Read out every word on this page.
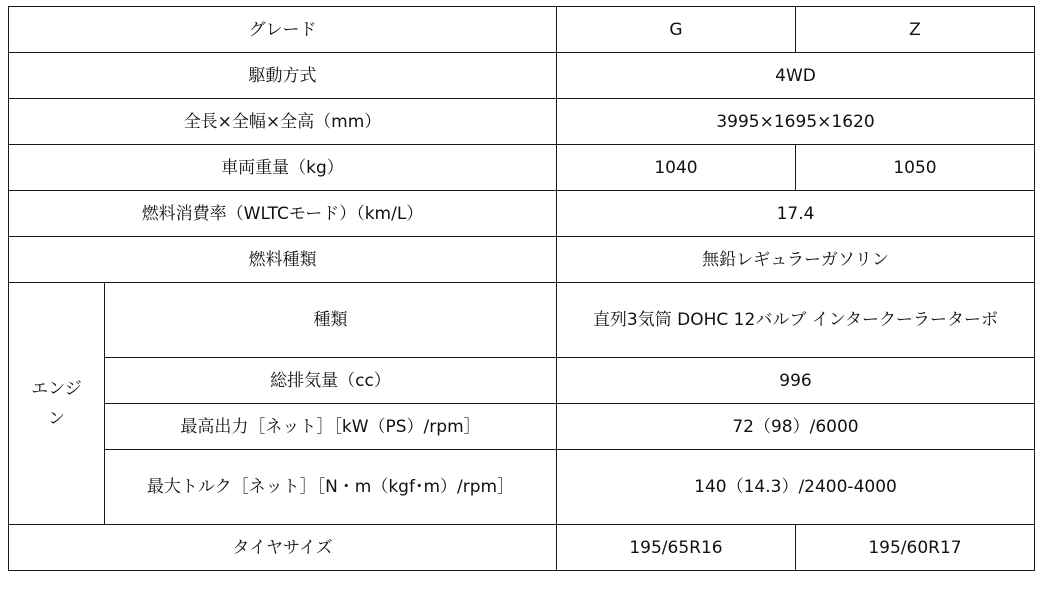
グレード		G	Z
駆動方式		4WD	
全長×全幅×全高（mm）		3995×1695×1620	
車両重量（kg）		1040	1050
燃料消費率（WLTCモード）（km/L）		17.4	
燃料種類		無鉛レギュラーガソリン	
エンジン	種類	直列3気筒 DOHC 12バルブ インタークーラーターボ	
	総排気量（cc）	996	
	最高出力［ネット］［kW（PS）/rpm］	72（98）/6000	
	最大トルク［ネット］［N・m（kgf･m）/rpm］	140（14.3）/2400-4000	
タイヤサイズ		195/65R16	195/60R17
